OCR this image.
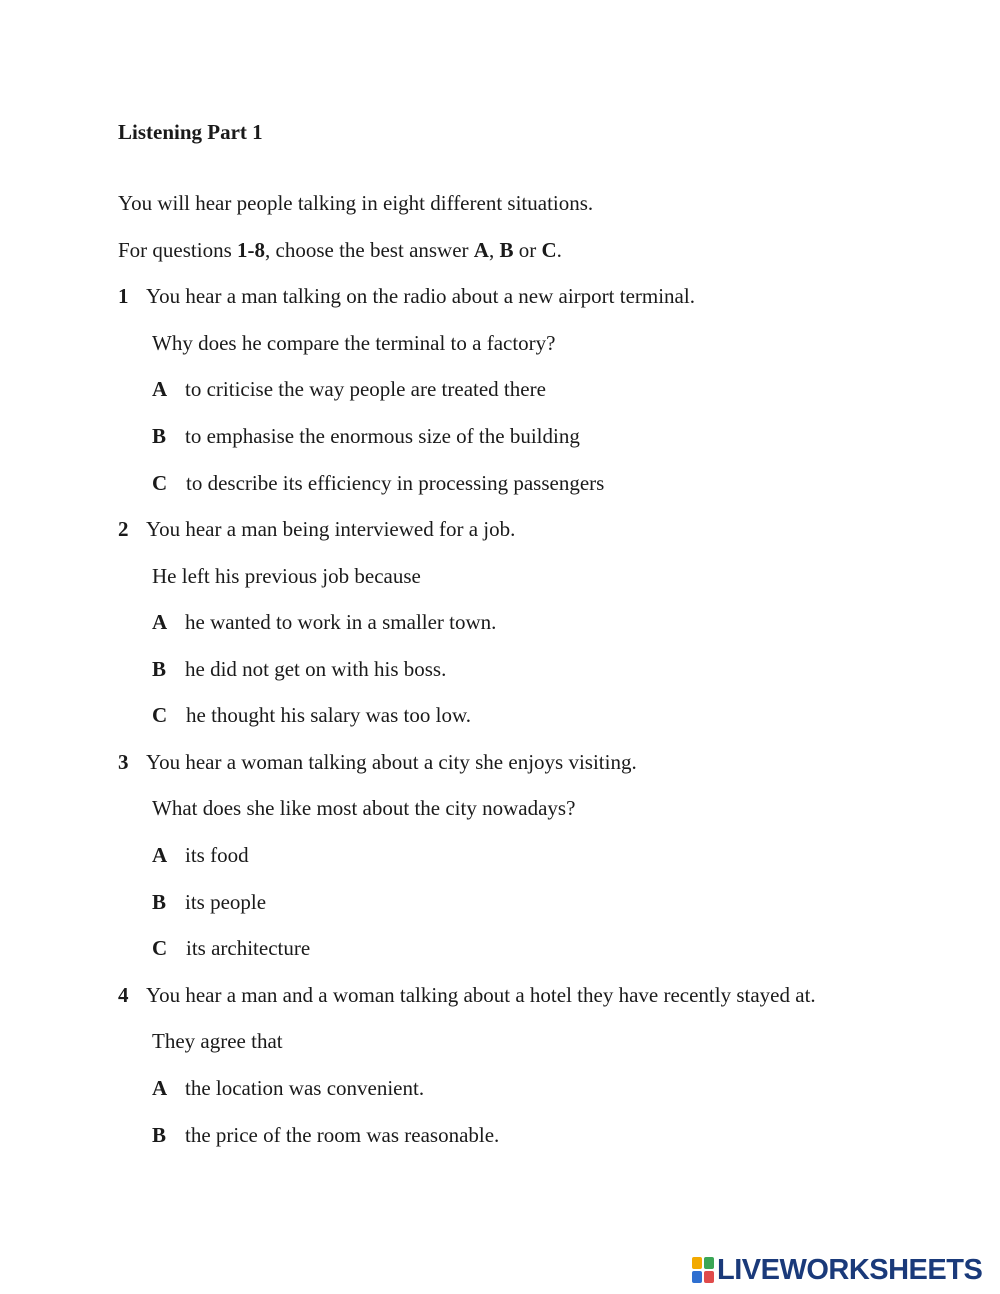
Listening Part 1
You will hear people talking in eight different situations.
For questions 1-8, choose the best answer A, B or C.
1 You hear a man talking on the radio about a new airport terminal.
Why does he compare the terminal to a factory?
A to criticise the way people are treated there
B to emphasise the enormous size of the building
C to describe its efficiency in processing passengers
2 You hear a man being interviewed for a job.
He left his previous job because
A he wanted to work in a smaller town.
B he did not get on with his boss.
C he thought his salary was too low.
3 You hear a woman talking about a city she enjoys visiting.
What does she like most about the city nowadays?
A its food
B its people
C its architecture
4 You hear a man and a woman talking about a hotel they have recently stayed at.
They agree that
A the location was convenient.
B the price of the room was reasonable.
LIVEWORKSHEETS
